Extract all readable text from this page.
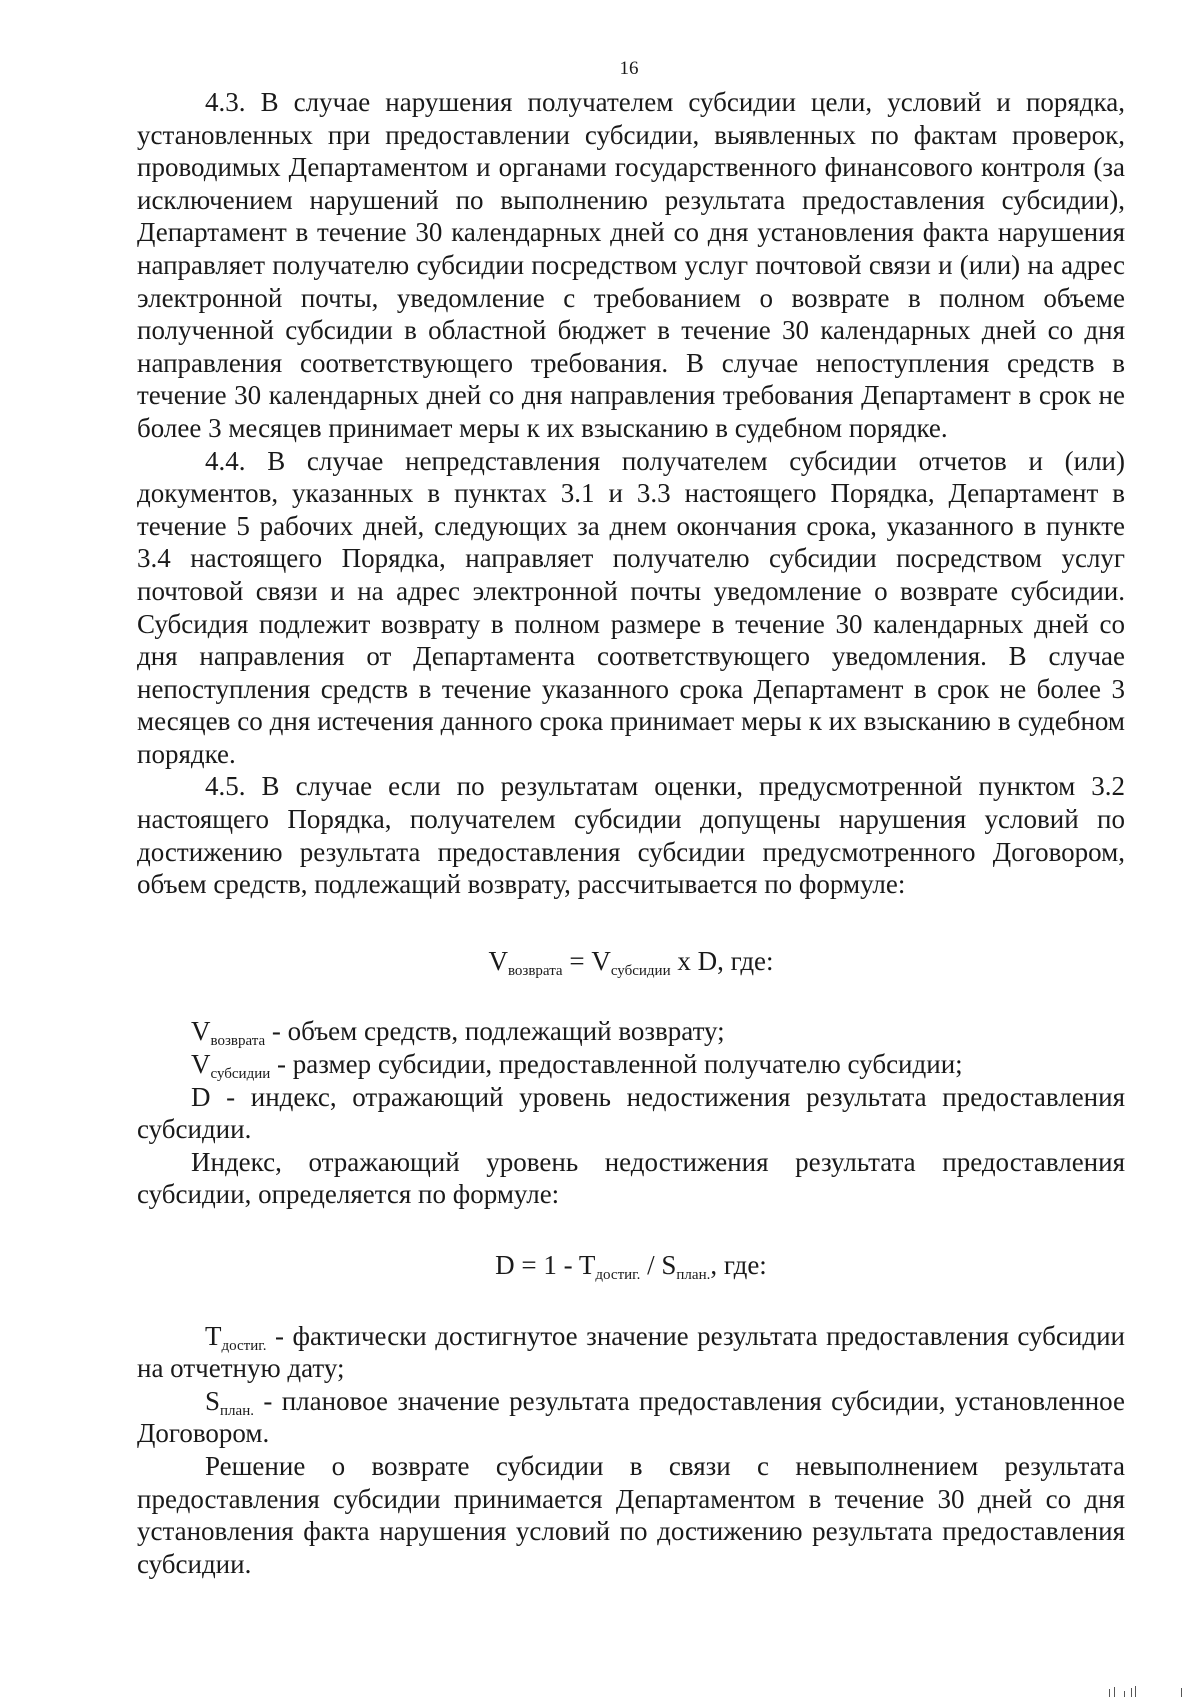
16

4.3. В случае нарушения получателем субсидии цели, условий и порядка, установленных при предоставлении субсидии, выявленных по фактам проверок, проводимых Департаментом и органами государственного финансового контроля (за исключением нарушений по выполнению результата предоставления субсидии), Департамент в течение 30 календарных дней со дня установления факта нарушения направляет получателю субсидии посредством услуг почтовой связи и (или) на адрес электронной почты, уведомление с требованием о возврате в полном объеме полученной субсидии в областной бюджет в течение 30 календарных дней со дня направления соответствующего требования. В случае непоступления средств в течение 30 календарных дней со дня направления требования Департамент в срок не более 3 месяцев принимает меры к их взысканию в судебном порядке.

4.4. В случае непредставления получателем субсидии отчетов и (или) документов, указанных в пунктах 3.1 и 3.3 настоящего Порядка, Департамент в течение 5 рабочих дней, следующих за днем окончания срока, указанного в пункте 3.4 настоящего Порядка, направляет получателю субсидии посредством услуг почтовой связи и на адрес электронной почты уведомление о возврате субсидии. Субсидия подлежит возврату в полном размере в течение 30 календарных дней со дня направления от Департамента соответствующего уведомления. В случае непоступления средств в течение указанного срока Департамент в срок не более 3 месяцев со дня истечения данного срока принимает меры к их взысканию в судебном порядке.

4.5. В случае если по результатам оценки, предусмотренной пунктом 3.2 настоящего Порядка, получателем субсидии допущены нарушения условий по достижению результата предоставления субсидии предусмотренного Договором, объем средств, подлежащий возврату, рассчитывается по формуле:

$V_{возврата} = V_{субсидии}$ x D, где:

$V_{возврата}$ - объем средств, подлежащий возврату;

$V_{субсидии}$ - размер субсидии, предоставленной получателю субсидии;

D - индекс, отражающий уровень недостижения результата предоставления субсидии.

Индекс, отражающий уровень недостижения результата предоставления субсидии, определяется по формуле:

$D = 1 - T_{достиг.} / S_{план.}$, где:

$T_{достиг.}$ - фактически достигнутое значение результата предоставления субсидии на отчетную дату;

$S_{план.}$ - плановое значение результата предоставления субсидии, установленное Договором.

Решение о возврате субсидии в связи с невыполнением результата предоставления субсидии принимается Департаментом в течение 30 дней со дня установления факта нарушения условий по достижению результата предоставления субсидии.
